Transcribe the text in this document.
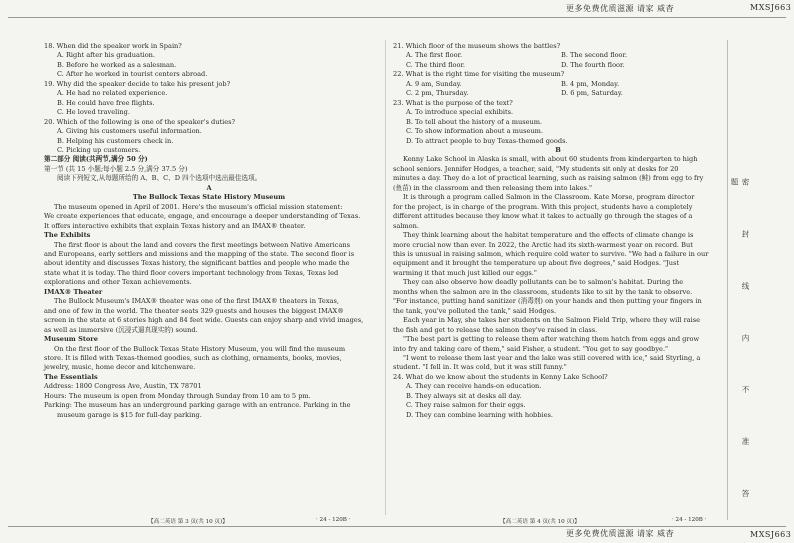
更多免费优质滋源 请家 威杳	MXSJ663
密 封 线 内 不 准 答 题

18. When did the speaker work in Spain?

A. Right after his graduation.

B. Before he worked as a salesman.

C. After he worked in tourist centers abroad.

19. Why did the speaker decide to take his present job?

A. He had no related experience.

B. He could have free flights.

C. He loved traveling.

20. Which of the following is one of the speaker's duties?

A. Giving his customers useful information.

B. Helping his customers check in.

C. Picking up customers.

第二部分 阅读(共两节,满分 50 分)

第一节 (共 15 小题;每小题 2.5 分,满分 37.5 分)

阅读下列短文,从每题所给的 A、B、C、D 四个选项中选出最佳选项。

A

The Bullock Texas State History Museum

The museum opened in April of 2001. Here's the museum's official mission statement:

We create experiences that educate, engage, and encourage a deeper understanding of Texas.

It offers interactive exhibits that explain Texas history and an IMAX® theater.

The Exhibits

The first floor is about the land and covers the first meetings between Native Americans

and Europeans, early settlers and missions and the mapping of the state. The second floor is

about identity and discusses Texas history, the significant battles and people who made the

state what it is today. The third floor covers important technology from Texas, Texas led

explorations and other Texan achievements.

IMAX® Theater

The Bullock Museum's IMAX® theater was one of the first IMAX® theaters in Texas,

and one of few in the world. The theater seats 329 guests and houses the biggest IMAX®

screen in the state at 6 stories high and 84 feet wide. Guests can enjoy sharp and vivid images,

as well as immersive (沉浸式逼真现实的) sound.

Museum Store

On the first floor of the Bullock Texas State History Museum, you will find the museum

store. It is filled with Texas-themed goodies, such as clothing, ornaments, books, movies,

jewelry, music, home decor and kitchenware.

The Essentials

Address: 1800 Congress Ave, Austin, TX 78701

Hours: The museum is open from Monday through Sunday from 10 am to 5 pm.

Parking: The museum has an underground parking garage with an entrance. Parking in the

museum garage is $15 for full-day parking.

【高二英语 第 3 页(共 10 页)】	· 24 - 120B ·

21. Which floor of the museum shows the battles?

A. The first floor.	B. The second floor.
C. The third floor.	D. The fourth floor.

22. What is the right time for visiting the museum?

A. 9 am, Sunday.	B. 4 pm, Monday.
C. 2 pm, Thursday.	D. 6 pm, Saturday.

23. What is the purpose of the text?

A. To introduce special exhibits.

B. To tell about the history of a museum.

C. To show information about a museum.

D. To attract people to buy Texas-themed goods.

B

Kenny Lake School in Alaska is small, with about 60 students from kindergarten to high

school seniors. Jennifer Hodges, a teacher, said, "My students sit only at desks for 20

minutes a day. They do a lot of practical learning, such as raising salmon (鲑) from egg to fry

(鱼苗) in the classroom and then releasing them into lakes."

It is through a program called Salmon in the Classroom. Kate Morse, program director

for the project, is in charge of the program. With this project, students have a completely

different attitudes because they know what it takes to actually go through the stages of a

salmon.

They think learning about the habitat temperature and the effects of climate change is

more crucial now than ever. In 2022, the Arctic had its sixth-warmest year on record. But

this is unusual in raising salmon, which require cold water to survive. "We had a failure in our

equipment and it brought the temperature up about five degrees," said Hodges. "Just

warming it that much just killed our eggs."

They can also observe how deadly pollutants can be to salmon's habitat. During the

months when the salmon are in the classroom, students like to sit by the tank to observe.

"For instance, putting hand sanitizer (消毒剂) on your hands and then putting your fingers in

the tank, you've polluted the tank," said Hodges.

Each year in May, she takes her students on the Salmon Field Trip, where they will raise

the fish and get to release the salmon they've raised in class.

"The best part is getting to release them after watching them hatch from eggs and grow

into fry and taking care of them," said Fisher, a student. "You get to say goodbye."

"I went to release them last year and the lake was still covered with ice," said Styrling, a

student. "I fell in. It was cold, but it was still funny."

24. What do we know about the students in Kenny Lake School?

A. They can receive hands-on education.

B. They always sit at desks all day.

C. They raise salmon for their eggs.

D. They can combine learning with hobbies.

【高二英语 第 4 页(共 10 页)】	· 24 - 120B ·
更多免费优质滋源 请家 威杳	MXSJ663
